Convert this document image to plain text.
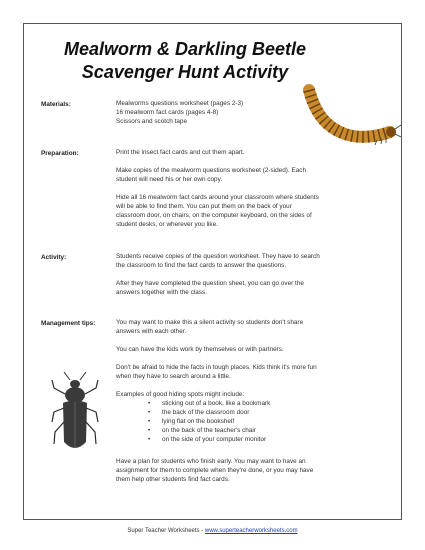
Mealworm & Darkling Beetle
Scavenger Hunt Activity
Materials:	Mealworms questions worksheet (pages 2-3)
16 mealworm fact cards (pages 4-8)
Scissors and scotch tape
Preparation:	Print the insect fact cards and cut them apart.
Make copies of the mealworm questions worksheet (2-sided). Each
student will need his or her own copy.
Hide all 16 mealworm fact cards around your classroom where students
will be able to find them. You can put them on the back of your
classroom door, on chairs, on the computer keyboard, on the sides of
student desks, or wherever you like.
Activity:	Students receive copies of the question worksheet. They have to search
the classroom to find the fact cards to answer the questions.
After they have completed the question sheet, you can go over the
answers together with the class.
Management tips:	You may want to make this a silent activity so students don't share
answers with each other.
You can have the kids work by themselves or with partners.
Don't be afraid to hide the facts in tough places. Kids think it's more fun
when they have to search around a little.
Examples of good hiding spots might include:
• sticking out of a book, like a bookmark
• the back of the classroom door
• lying flat on the bookshelf
• on the back of the teacher's chair
• on the side of your computer monitor
Have a plan for students who finish early. You may want to have an
assignment for them to complete when they're done, or you may have
them help other students find fact cards.
Super Teacher Worksheets - www.superteacherworksheets.com
